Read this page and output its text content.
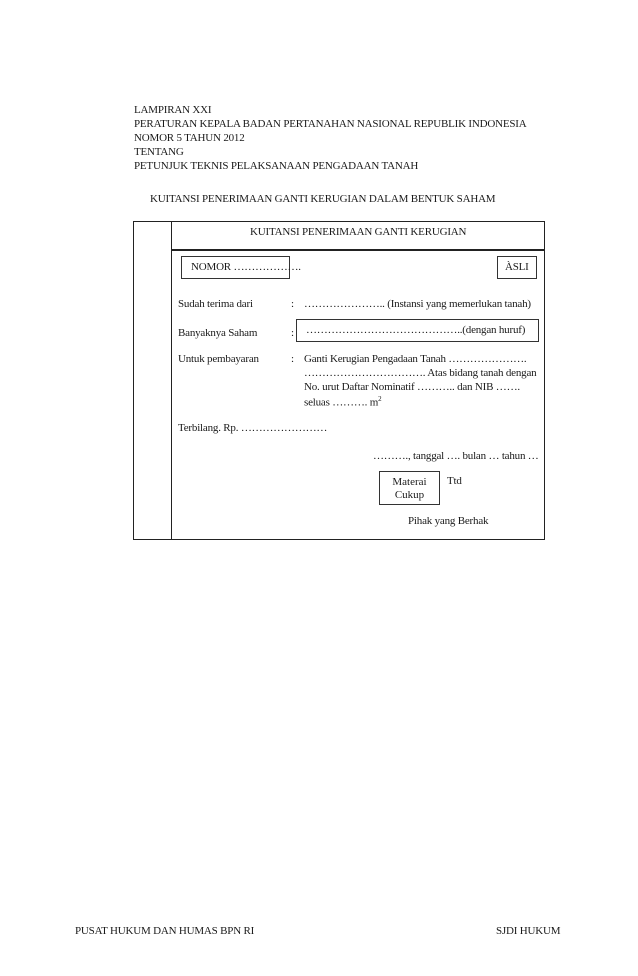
LAMPIRAN XXI
PERATURAN KEPALA BADAN PERTANAHAN NASIONAL REPUBLIK INDONESIA
NOMOR 5 TAHUN 2012
TENTANG
PETUNJUK TEKNIS PELAKSANAAN PENGADAAN TANAH
KUITANSI PENERIMAAN GANTI KERUGIAN DALAM BENTUK SAHAM
KUITANSI PENERIMAAN GANTI KERUGIAN
NOMOR ……………….	ÀSLI
Sudah terima dari	: ………………….. (Instansi yang memerlukan tanah)
Banyaknya Saham	: ……………………………………..(dengan huruf)
Untuk pembayaran	: Ganti Kerugian Pengadaan Tanah ………………….
……………………………. Atas bidang tanah dengan
No. urut Daftar Nominatif ……….. dan NIB …….
seluas ………. $m^2$
Terbilang. Rp. ……………………
………., tanggal …. bulan … tahun …
Materai
Cukup
Ttd
Pihak yang Berhak
PUSAT HUKUM DAN HUMAS BPN RI	SJDI HUKUM
